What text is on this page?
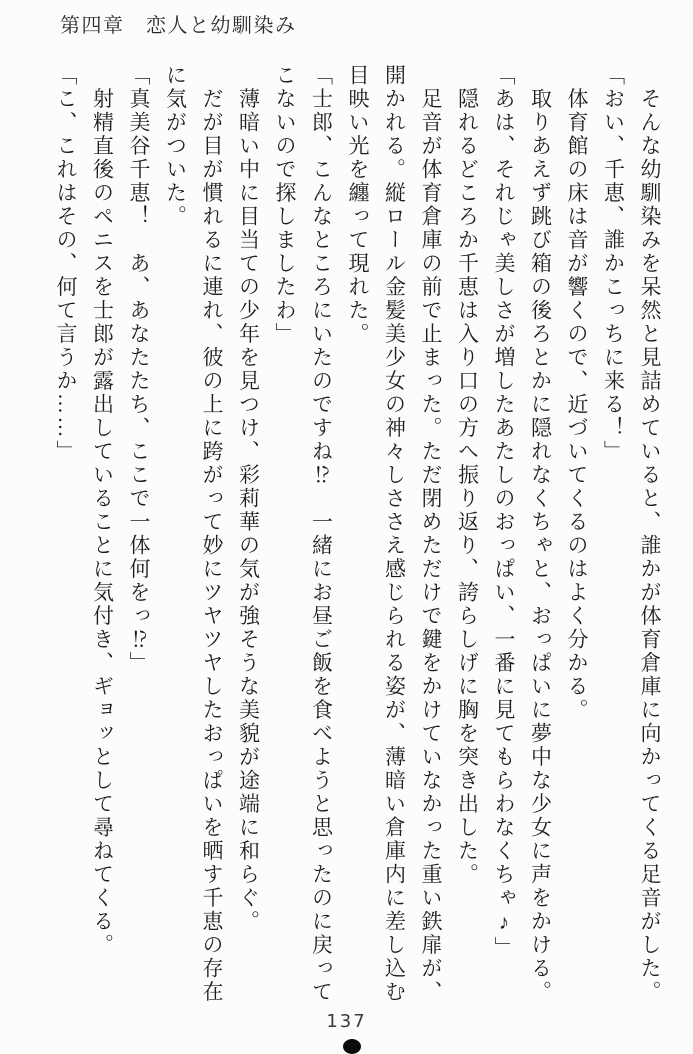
第四章　恋人と幼馴染み

　そんな幼馴染みを呆然と見詰めていると、誰かが体育倉庫に向かってくる足音がした。

「おい、千恵、誰かこっちに来る！」

　体育館の床は音が響くので、近づいてくるのはよく分かる。

　取りあえず跳び箱の後ろとかに隠れなくちゃと、おっぱいに夢中な少女に声をかける。

「あは、それじゃ美しさが増したあたしのおっぱい、一番に見てもらわなくちゃ♪」

　隠れるどころか千恵は入り口の方へ振り返り、誇らしげに胸を突き出した。

　足音が体育倉庫の前で止まった。ただ閉めただけで鍵をかけていなかった重い鉄扉が、

開かれる。縦ロール金髪美少女の神々しささえ感じられる姿が、薄暗い倉庫内に差し込む

目映い光を纏って現れた。

「士郎、こんなところにいたのですね⁉　一緒にお昼ご飯を食べようと思ったのに戻って

こないので探しましたわ」

　薄暗い中に目当ての少年を見つけ、彩莉華の気が強そうな美貌が途端に和らぐ。

　だが目が慣れるに連れ、彼の上に跨がって妙にツヤツヤしたおっぱいを晒す千恵の存在

に気がついた。

「真美谷千恵！　あ、あなたたち、ここで一体何をっ⁉」

　射精直後のペニスを士郎が露出していることに気付き、ギョッとして尋ねてくる。

「こ、これはその、何て言うか……」

137
